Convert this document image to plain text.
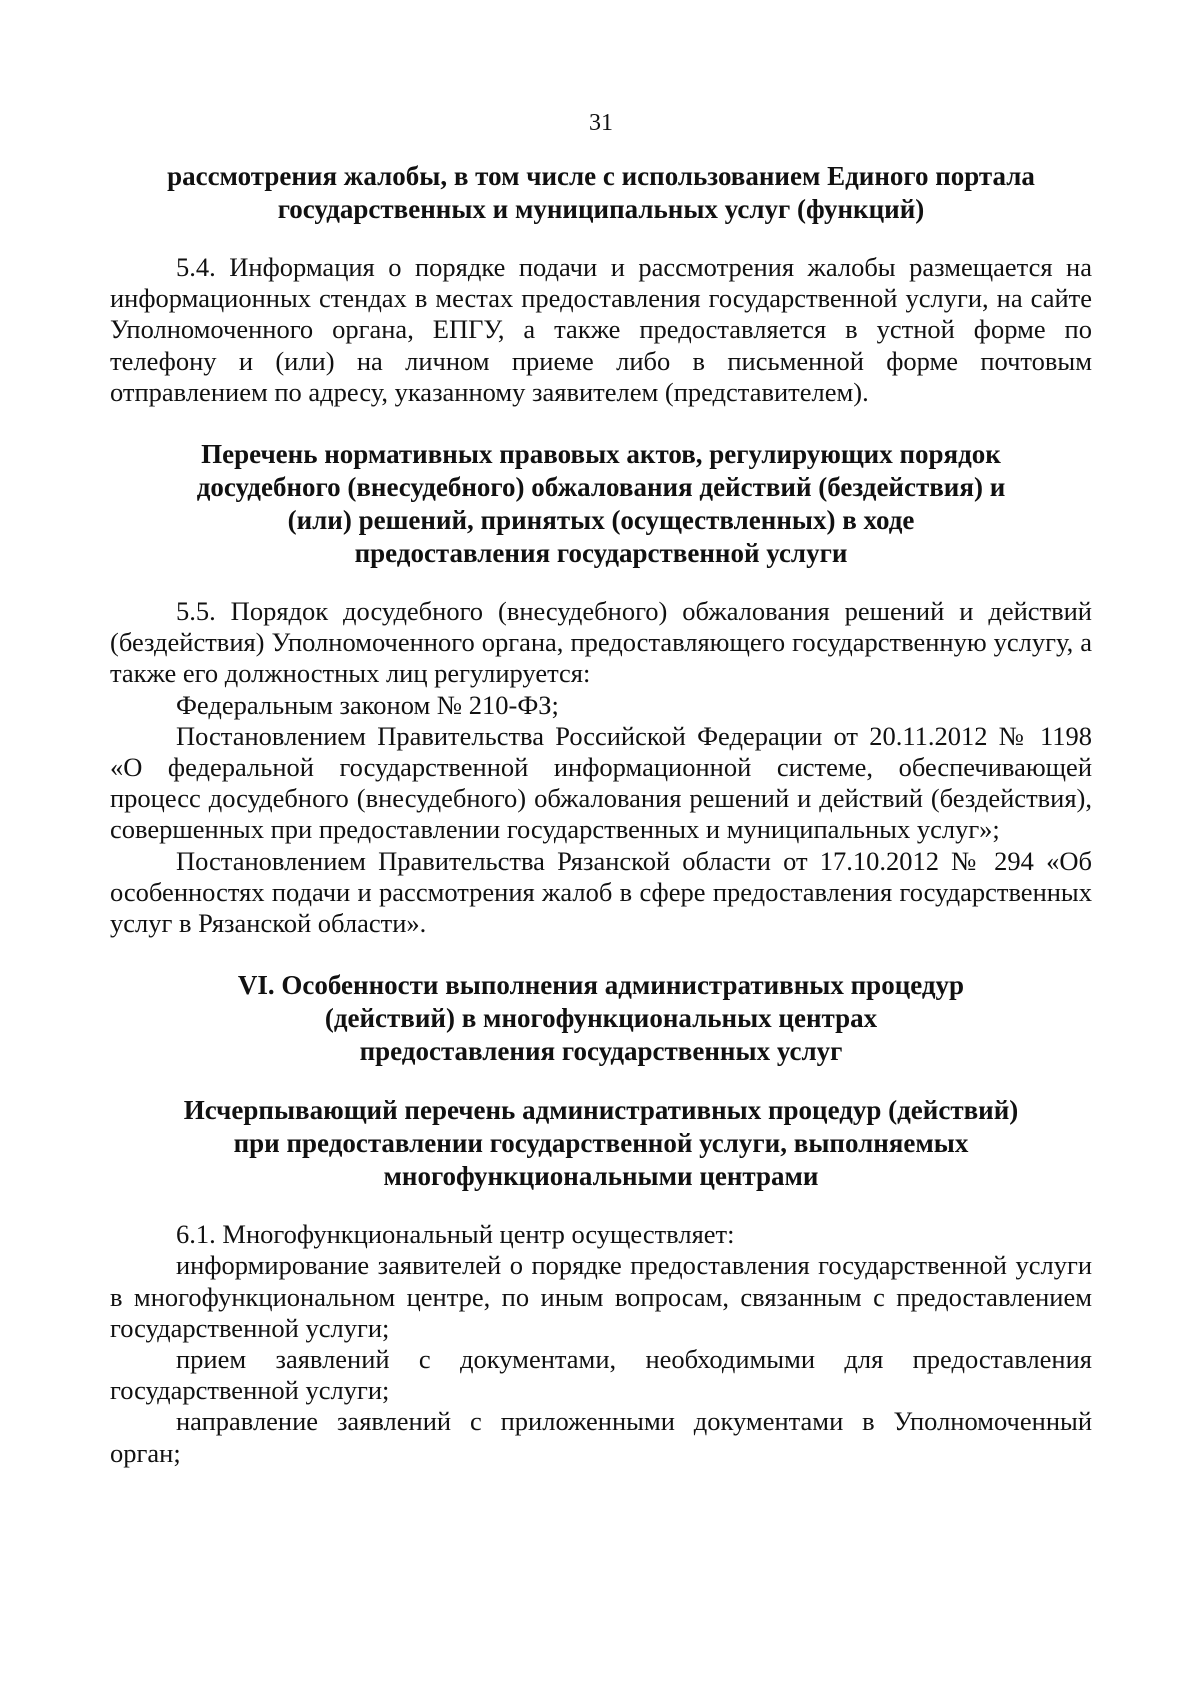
31

рассмотрения жалобы, в том числе с использованием Единого портала государственных и муниципальных услуг (функций)

5.4. Информация о порядке подачи и рассмотрения жалобы размещается на информационных стендах в местах предоставления государственной услуги, на сайте Уполномоченного органа, ЕПГУ, а также предоставляется в устной форме по телефону и (или) на личном приеме либо в письменной форме почтовым отправлением по адресу, указанному заявителем (представителем).

Перечень нормативных правовых актов, регулирующих порядок досудебного (внесудебного) обжалования действий (бездействия) и (или) решений, принятых (осуществленных) в ходе предоставления государственной услуги

5.5. Порядок досудебного (внесудебного) обжалования решений и действий (бездействия) Уполномоченного органа, предоставляющего государственную услугу, а также его должностных лиц регулируется:

Федеральным законом № 210-ФЗ;

Постановлением Правительства Российской Федерации от 20.11.2012 № 1198 «О федеральной государственной информационной системе, обеспечивающей процесс досудебного (внесудебного) обжалования решений и действий (бездействия), совершенных при предоставлении государственных и муниципальных услуг»;

Постановлением Правительства Рязанской области от 17.10.2012 № 294 «Об особенностях подачи и рассмотрения жалоб в сфере предоставления государственных услуг в Рязанской области».

VI. Особенности выполнения административных процедур (действий) в многофункциональных центрах предоставления государственных услуг

Исчерпывающий перечень административных процедур (действий) при предоставлении государственной услуги, выполняемых многофункциональными центрами

6.1. Многофункциональный центр осуществляет:

информирование заявителей о порядке предоставления государственной услуги в многофункциональном центре, по иным вопросам, связанным с предоставлением государственной услуги;

прием заявлений с документами, необходимыми для предоставления государственной услуги;

направление заявлений с приложенными документами в Уполномоченный орган;
